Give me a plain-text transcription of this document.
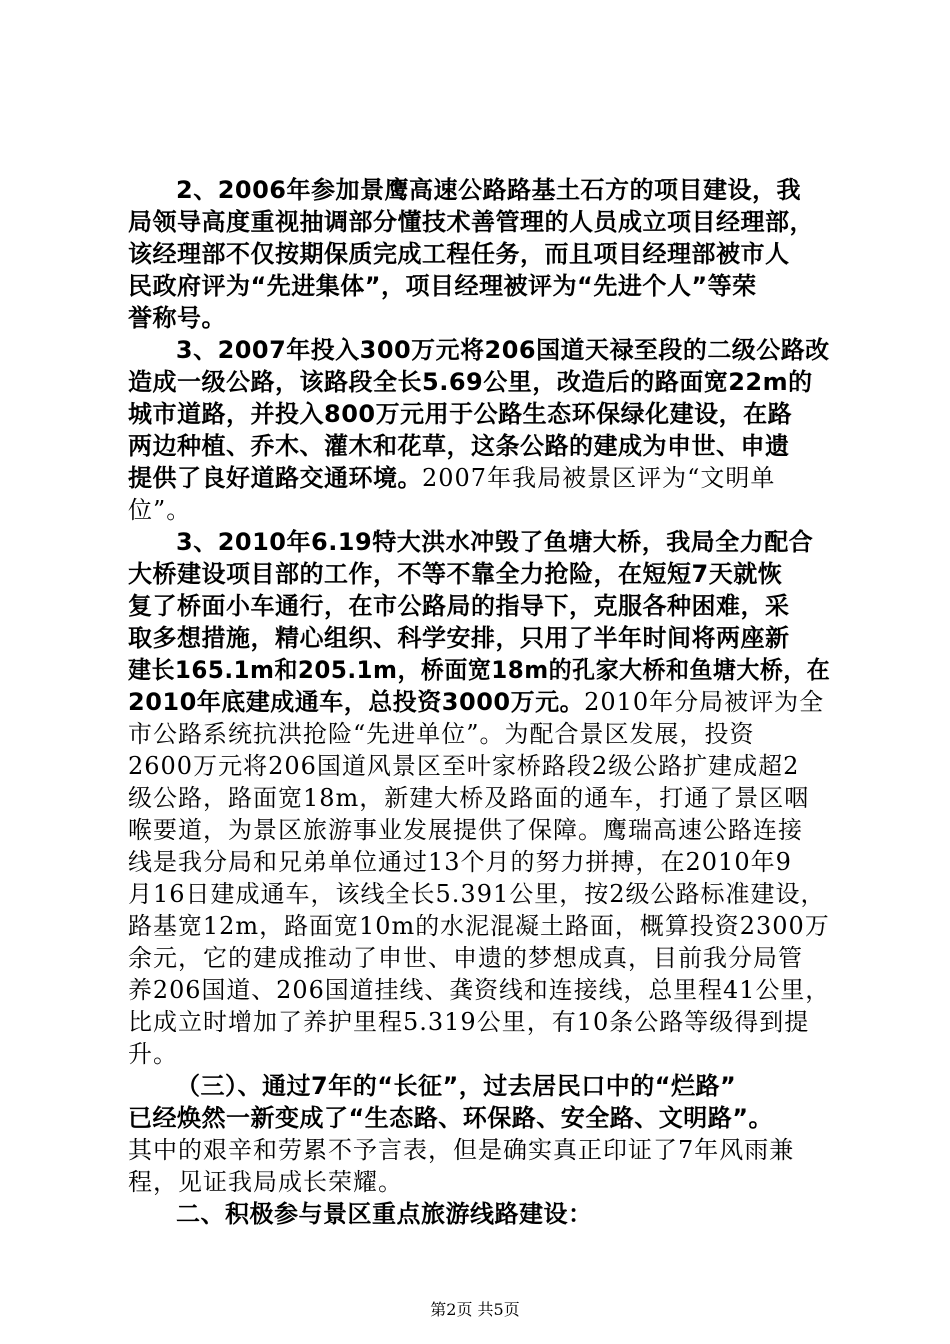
2、2006年参加景鹰高速公路路基土石方的项目建设，我
局领导高度重视抽调部分懂技术善管理的人员成立项目经理部，
该经理部不仅按期保质完成工程任务，而且项目经理部被市人
民政府评为“先进集体”，项目经理被评为“先进个人”等荣
誉称号。
3、2007年投入300万元将206国道天禄至段的二级公路改
造成一级公路，该路段全长5.69公里，改造后的路面宽22m的
城市道路，并投入800万元用于公路生态环保绿化建设，在路
两边种植、乔木、灌木和花草，这条公路的建成为申世、申遗
提供了良好道路交通环境。2007年我局被景区评为“文明单
位”。
3、2010年6.19特大洪水冲毁了鱼塘大桥，我局全力配合
大桥建设项目部的工作，不等不靠全力抢险，在短短7天就恢
复了桥面小车通行，在市公路局的指导下，克服各种困难，采
取多想措施，精心组织、科学安排，只用了半年时间将两座新
建长165.1m和205.1m，桥面宽18m的孔家大桥和鱼塘大桥，在
2010年底建成通车，总投资3000万元。2010年分局被评为全
市公路系统抗洪抢险“先进单位”。为配合景区发展，投资
2600万元将206国道风景区至叶家桥路段2级公路扩建成超2
级公路，路面宽18m，新建大桥及路面的通车，打通了景区咽
喉要道，为景区旅游事业发展提供了保障。鹰瑞高速公路连接
线是我分局和兄弟单位通过13个月的努力拼搏，在2010年9
月16日建成通车，该线全长5.391公里，按2级公路标准建设，
路基宽12m，路面宽10m的水泥混凝土路面，概算投资2300万
余元，它的建成推动了申世、申遗的梦想成真，目前我分局管
养206国道、206国道挂线、龚资线和连接线，总里程41公里，
比成立时增加了养护里程5.319公里，有10条公路等级得到提
升。
（三）、通过7年的“长征”，过去居民口中的“烂路”
已经焕然一新变成了“生态路、环保路、安全路、文明路”。
其中的艰辛和劳累不予言表，但是确实真正印证了7年风雨兼
程，见证我局成长荣耀。
二、积极参与景区重点旅游线路建设：
第2页 共5页
